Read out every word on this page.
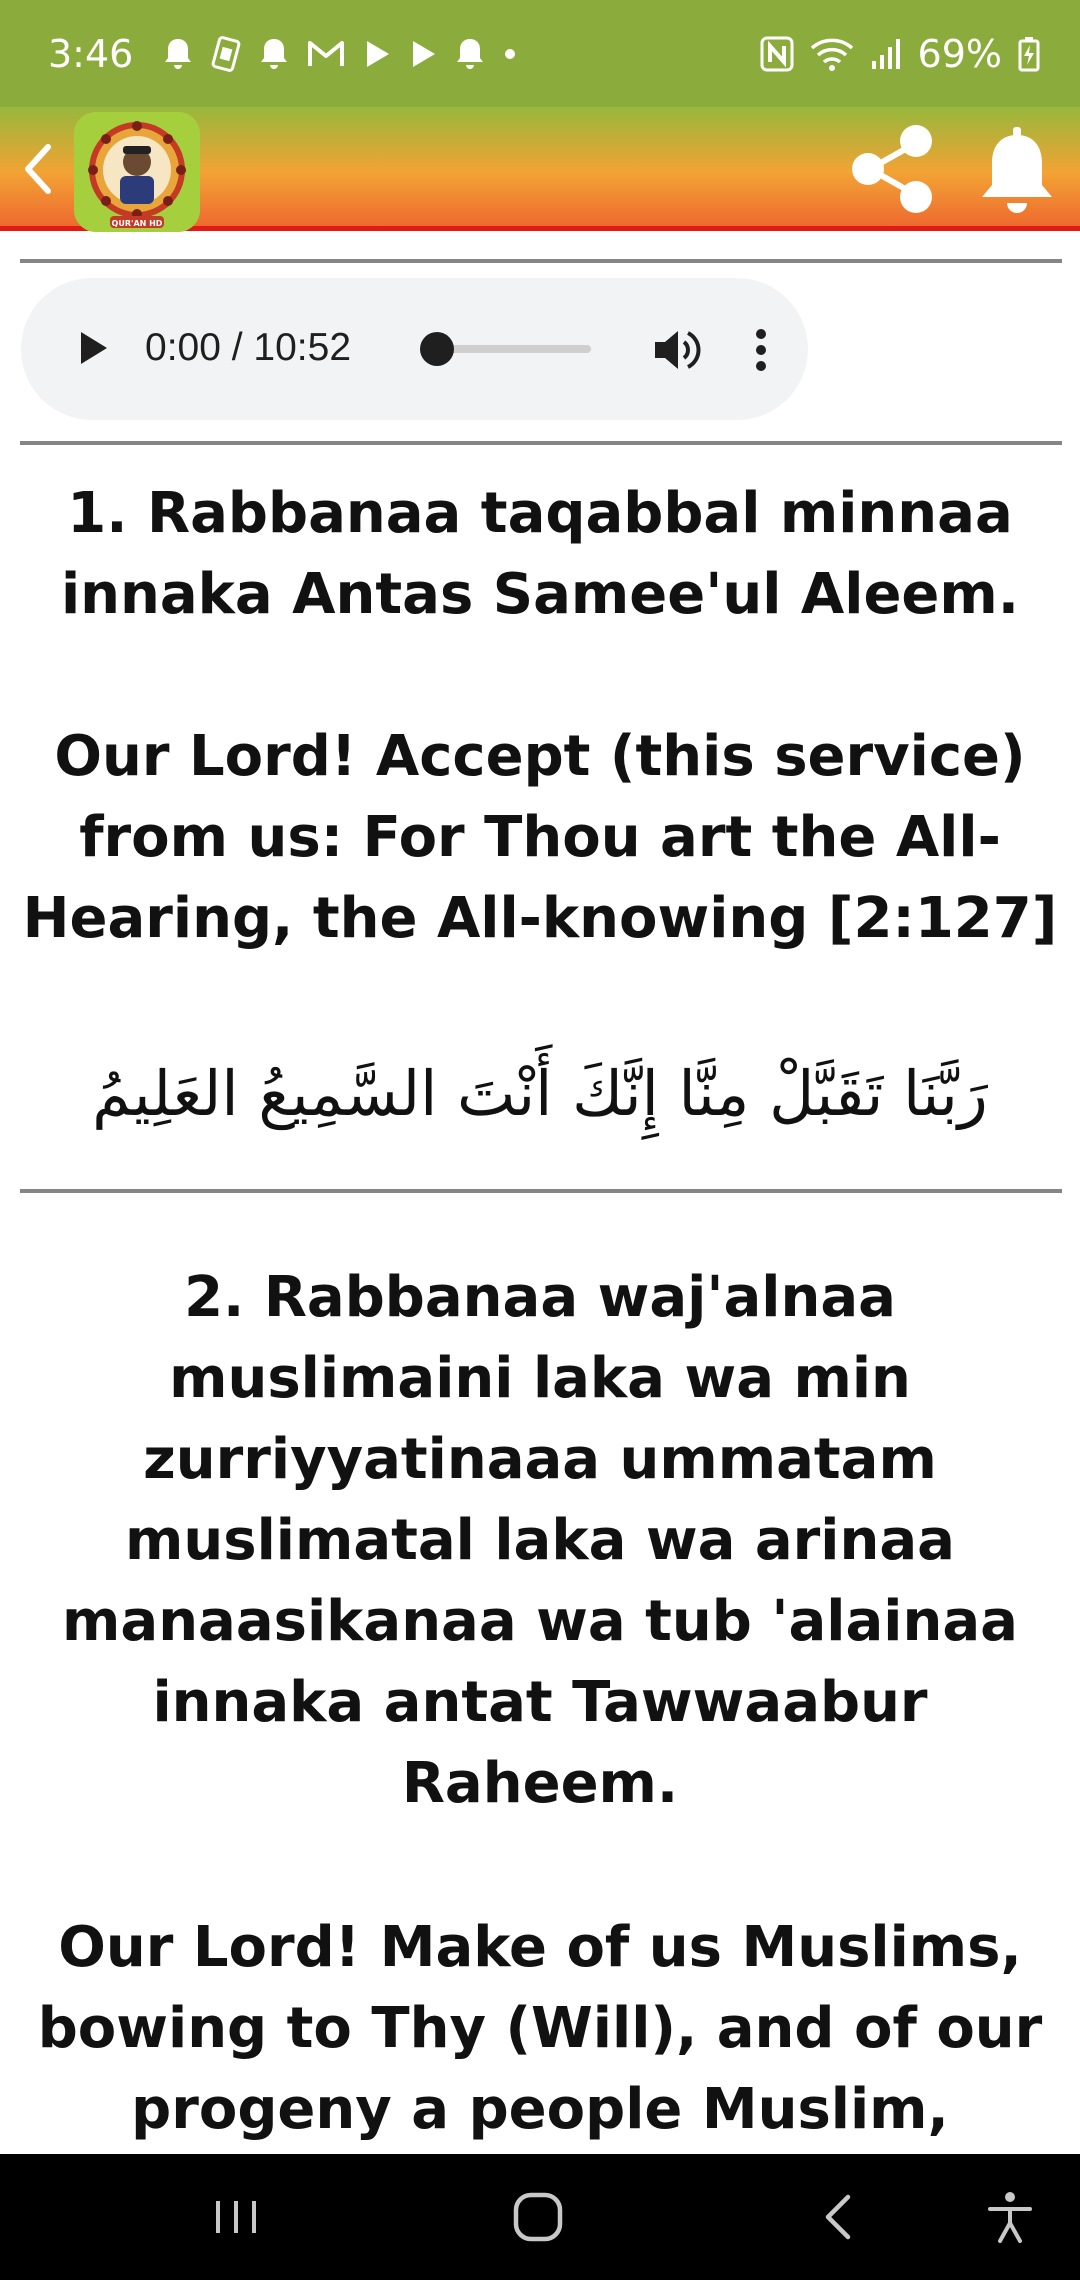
3:46	69%
QUR'AN HD
0:00 / 10:52

1. Rabbanaa taqabbal minnaa innaka Antas Samee'ul Aleem.

Our Lord! Accept (this service) from us: For Thou art the All-Hearing, the All-knowing [2:127]

رَبَّنَا تَقَبَّلْ مِنَّا إِنَّكَ أَنْتَ السَّمِيعُ العَلِيمُ

2. Rabbanaa waj'alnaa muslimaini laka wa min zurriyyatinaaa ummatam muslimatal laka wa arinaa manaasikanaa wa tub 'alainaa innaka antat Tawwaabur Raheem.

Our Lord! Make of us Muslims, bowing to Thy (Will), and of our progeny a people Muslim,
